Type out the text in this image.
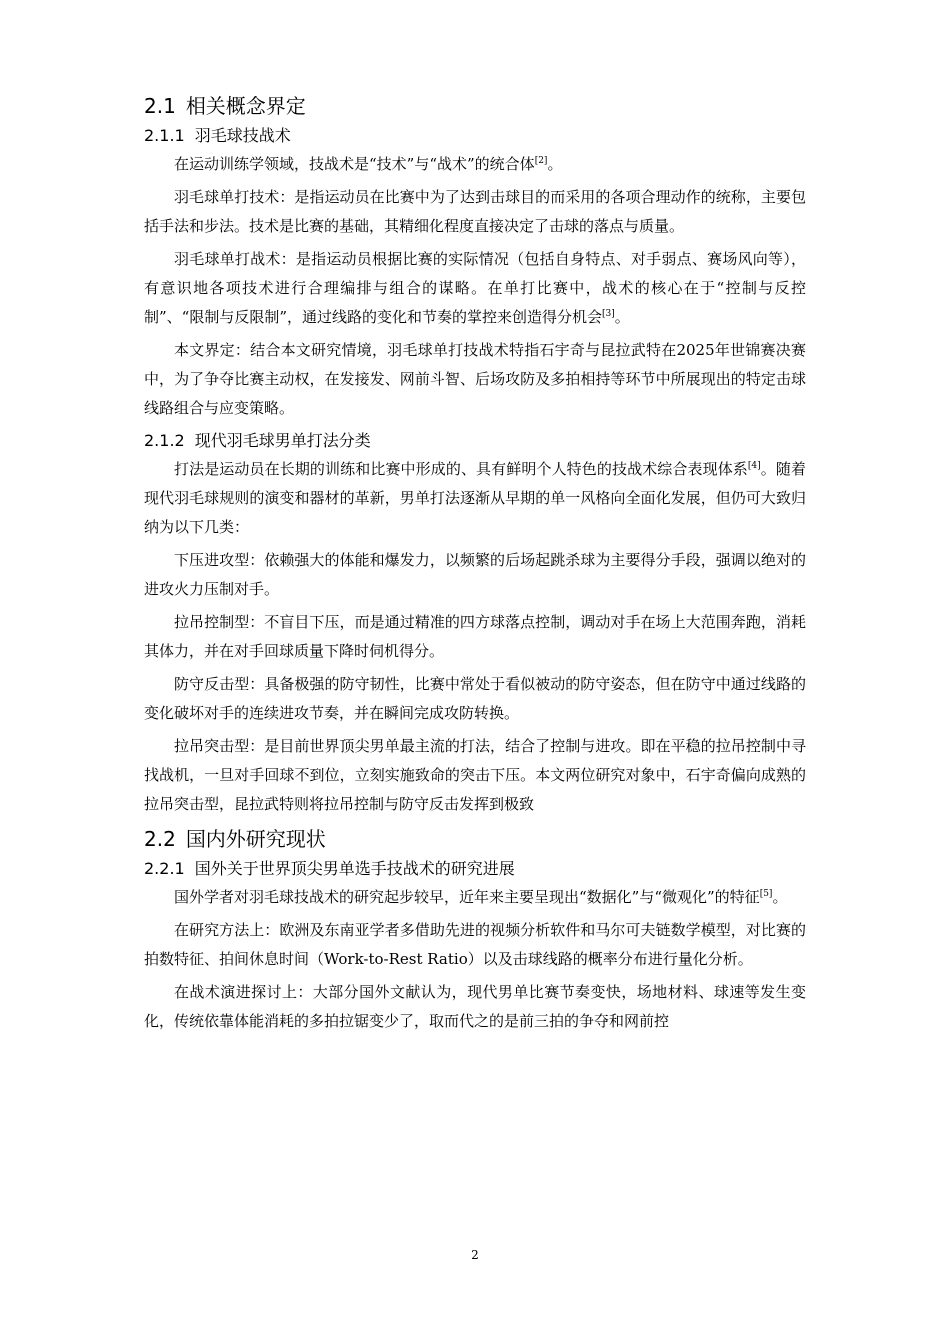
2.1 相关概念界定
2.1.1 羽毛球技战术

在运动训练学领域，技战术是“技术”与“战术”的统合体[2]。

羽毛球单打技术：是指运动员在比赛中为了达到击球目的而采用的各项合理动作的统称，主要包括手法和步法。技术是比赛的基础，其精细化程度直接决定了击球的落点与质量。

羽毛球单打战术：是指运动员根据比赛的实际情况（包括自身特点、对手弱点、赛场风向等），有意识地各项技术进行合理编排与组合的谋略。在单打比赛中，战术的核心在于“控制与反控制”、“限制与反限制”，通过线路的变化和节奏的掌控来创造得分机会[3]。

本文界定：结合本文研究情境，羽毛球单打技战术特指石宇奇与昆拉武特在2025年世锦赛决赛中，为了争夺比赛主动权，在发接发、网前斗智、后场攻防及多拍相持等环节中所展现出的特定击球线路组合与应变策略。

2.1.2 现代羽毛球男单打法分类

打法是运动员在长期的训练和比赛中形成的、具有鲜明个人特色的技战术综合表现体系[4]。随着现代羽毛球规则的演变和器材的革新，男单打法逐渐从早期的单一风格向全面化发展，但仍可大致归纳为以下几类：

下压进攻型：依赖强大的体能和爆发力，以频繁的后场起跳杀球为主要得分手段，强调以绝对的进攻火力压制对手。

拉吊控制型：不盲目下压，而是通过精准的四方球落点控制，调动对手在场上大范围奔跑，消耗其体力，并在对手回球质量下降时伺机得分。

防守反击型：具备极强的防守韧性，比赛中常处于看似被动的防守姿态，但在防守中通过线路的变化破坏对手的连续进攻节奏，并在瞬间完成攻防转换。

拉吊突击型：是目前世界顶尖男单最主流的打法，结合了控制与进攻。即在平稳的拉吊控制中寻找战机，一旦对手回球不到位，立刻实施致命的突击下压。本文两位研究对象中，石宇奇偏向成熟的拉吊突击型，昆拉武特则将拉吊控制与防守反击发挥到极致

2.2 国内外研究现状
2.2.1 国外关于世界顶尖男单选手技战术的研究进展

国外学者对羽毛球技战术的研究起步较早，近年来主要呈现出“数据化”与“微观化”的特征[5]。

在研究方法上：欧洲及东南亚学者多借助先进的视频分析软件和马尔可夫链数学模型，对比赛的拍数特征、拍间休息时间（Work-to-Rest Ratio）以及击球线路的概率分布进行量化分析。

在战术演进探讨上：大部分国外文献认为，现代男单比赛节奏变快，场地材料、球速等发生变化，传统依靠体能消耗的多拍拉锯变少了，取而代之的是前三拍的争夺和网前控

2
